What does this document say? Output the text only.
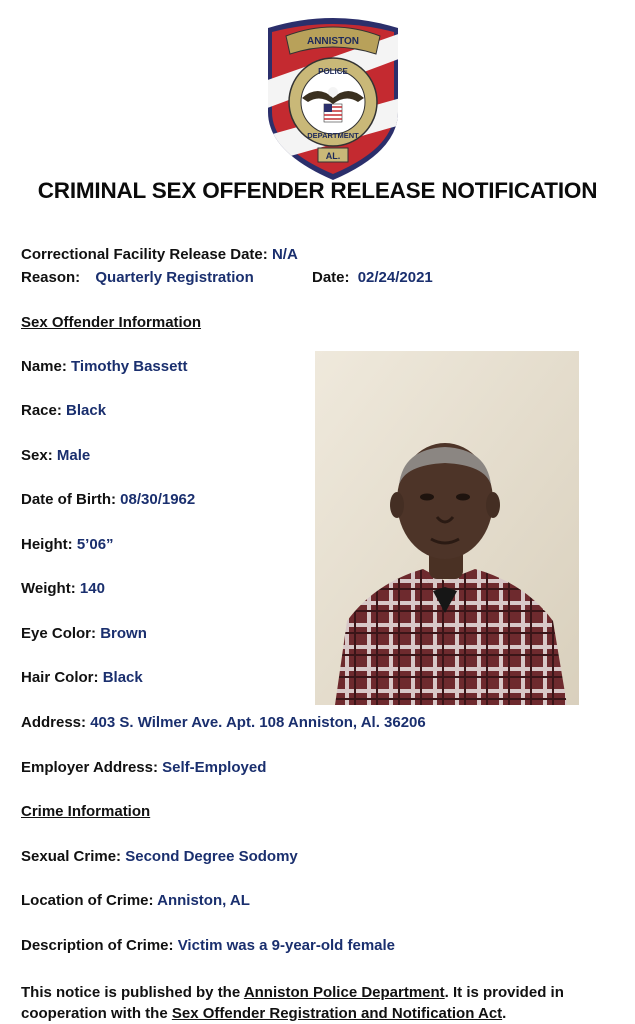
ANNISTON
POLICE
DEPARTMENT
AL.
CRIMINAL SEX OFFENDER RELEASE NOTIFICATION
Correctional Facility Release Date: N/A
Reason: Quarterly Registration	Date: 02/24/2021
Sex Offender Information
Name: Timothy Bassett
Race: Black
Sex: Male
Date of Birth: 08/30/1962
Height: 5’06”
Weight: 140
Eye Color: Brown
Hair Color: Black
Address: 403 S. Wilmer Ave. Apt. 108 Anniston, Al. 36206
Employer Address: Self-Employed
Crime Information
Sexual Crime: Second Degree Sodomy
Location of Crime: Anniston, AL
Description of Crime: Victim was a 9-year-old female
This notice is published by the Anniston Police Department. It is provided in cooperation with the Sex Offender Registration and Notification Act.
